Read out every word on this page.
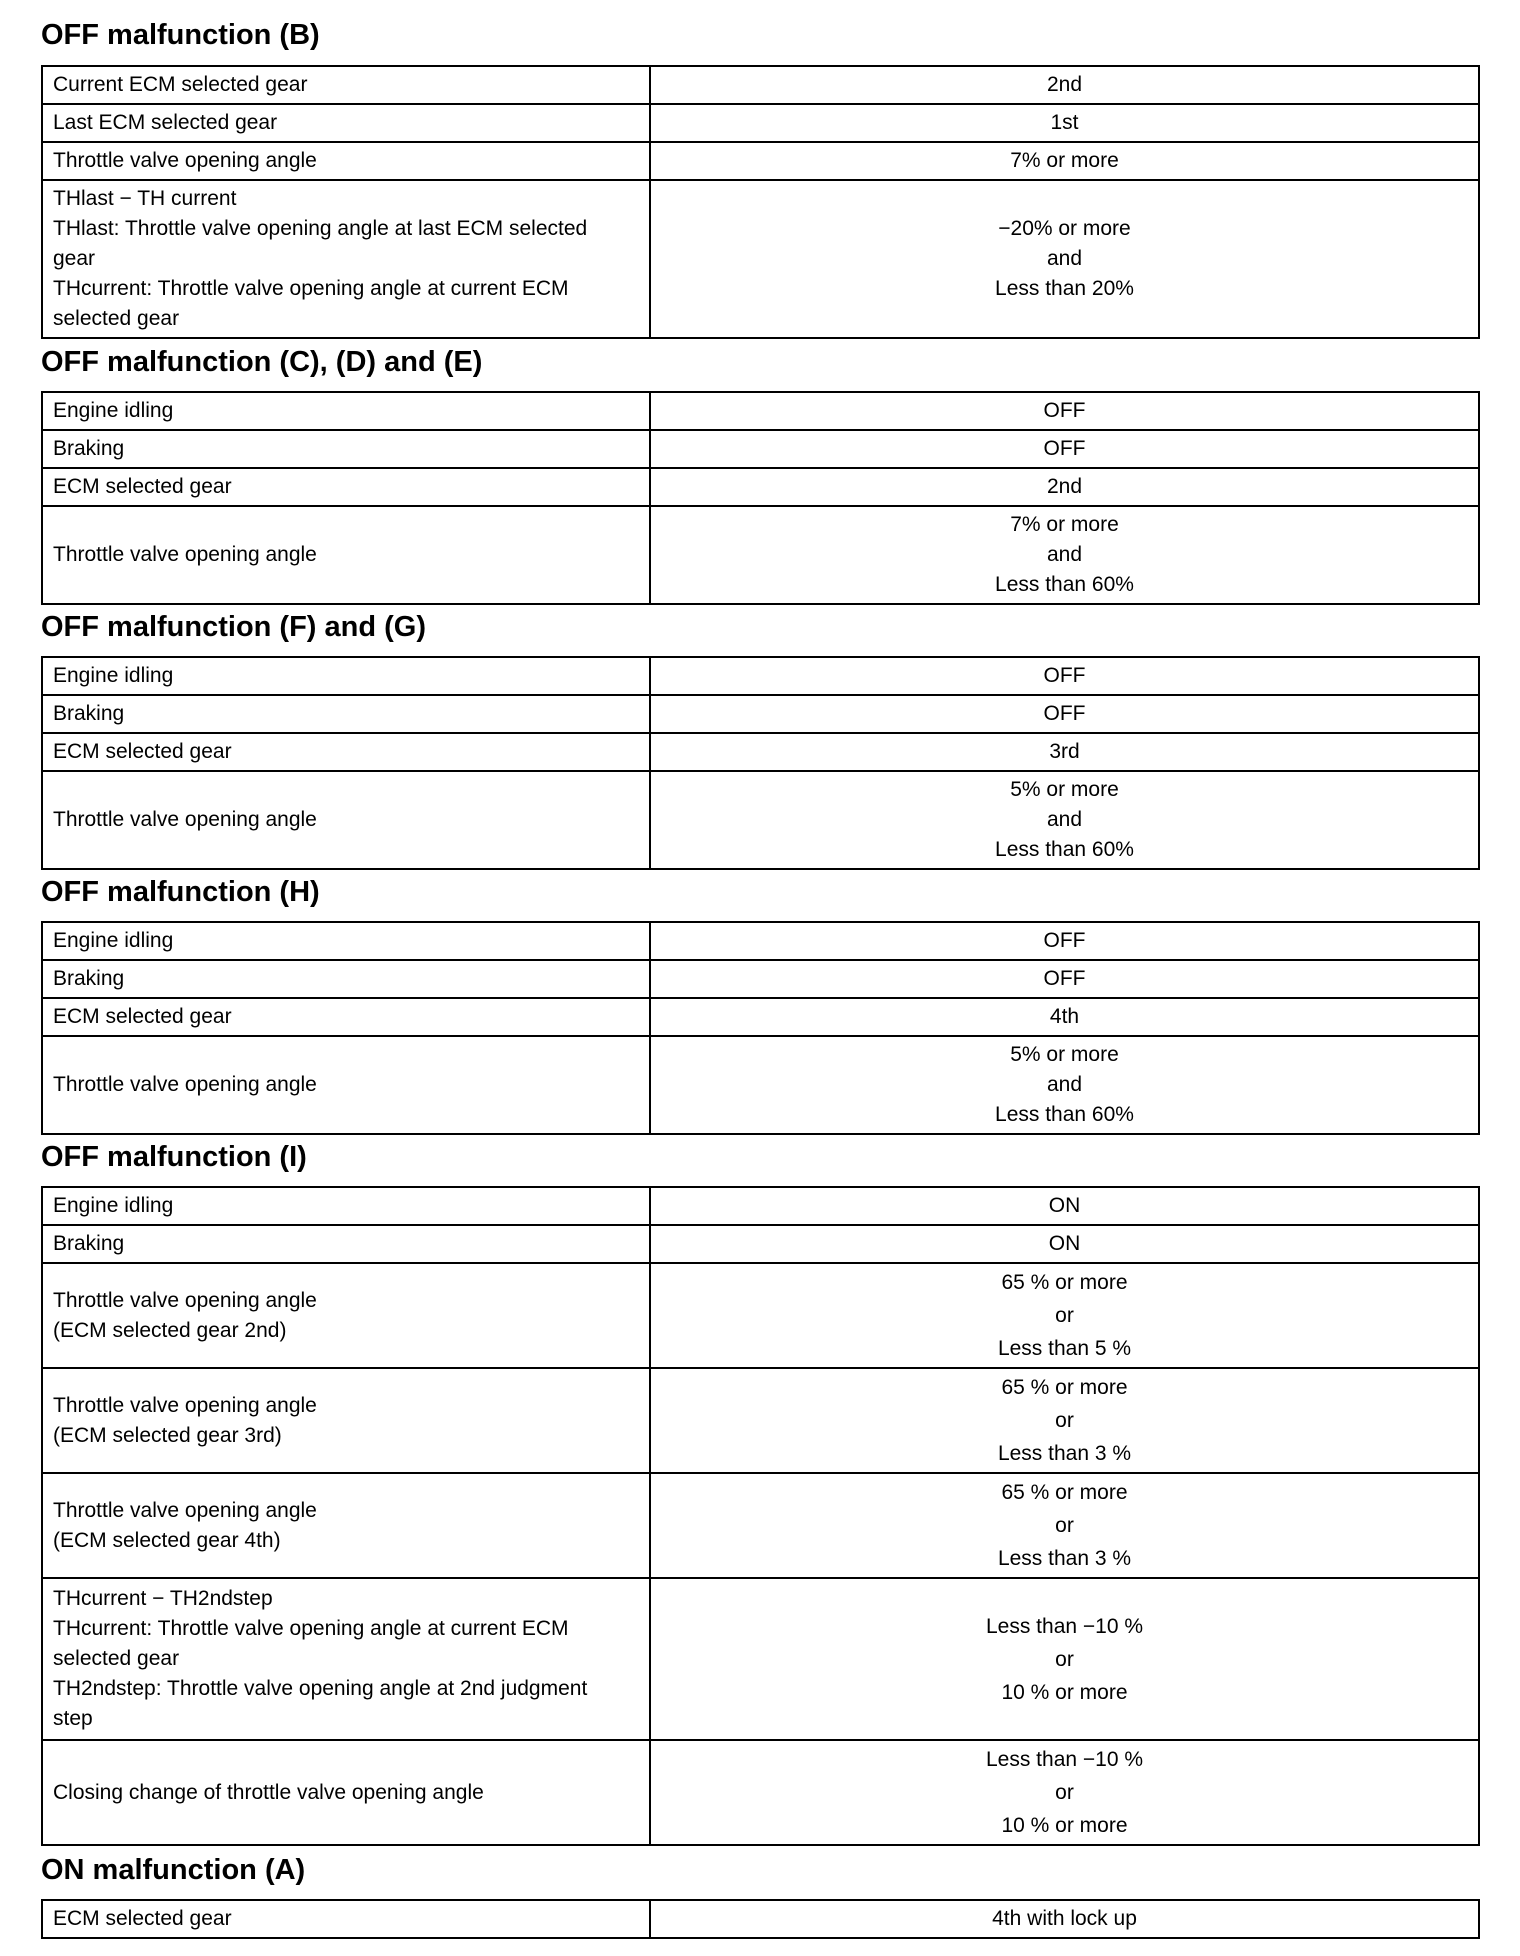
OFF malfunction (B)
Current ECM selected gear	2nd

Last ECM selected gear	1st

Throttle valve opening angle	7% or more

THlast − TH current
THlast: Throttle valve opening angle at last ECM selected
gear
THcurrent: Throttle valve opening angle at current ECM
selected gear	−20% or more
and
Less than 20%
OFF malfunction (C), (D) and (E)
Engine idling	OFF

Braking	OFF

ECM selected gear	2nd

Throttle valve opening angle	7% or more
and
Less than 60%
OFF malfunction (F) and (G)
Engine idling	OFF

Braking	OFF

ECM selected gear	3rd

Throttle valve opening angle	5% or more
and
Less than 60%
OFF malfunction (H)
Engine idling	OFF

Braking	OFF

ECM selected gear	4th

Throttle valve opening angle	5% or more
and
Less than 60%
OFF malfunction (I)
Engine idling	ON

Braking	ON

Throttle valve opening angle
(ECM selected gear 2nd)	65 % or more
or
Less than 5 %

Throttle valve opening angle
(ECM selected gear 3rd)	65 % or more
or
Less than 3 %

Throttle valve opening angle
(ECM selected gear 4th)	65 % or more
or
Less than 3 %

THcurrent − TH2ndstep
THcurrent: Throttle valve opening angle at current ECM
selected gear
TH2ndstep: Throttle valve opening angle at 2nd judgment
step	Less than −10 %
or
10 % or more

Closing change of throttle valve opening angle	Less than −10 %
or
10 % or more
ON malfunction (A)
ECM selected gear	4th with lock up
